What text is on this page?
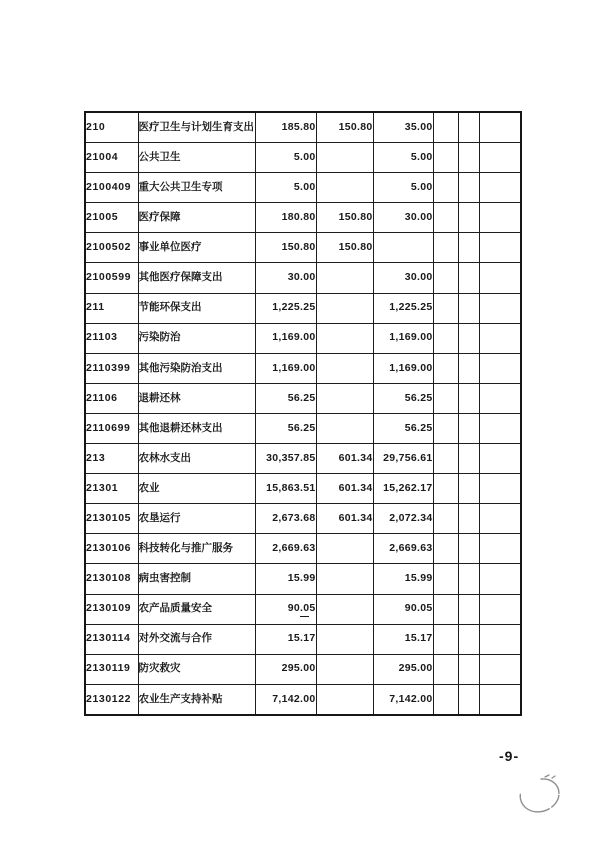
210	医疗卫生与计划生育支出	185.80	150.80	35.00			
21004	公共卫生	5.00		5.00			
2100409	重大公共卫生专项	5.00		5.00			
21005	医疗保障	180.80	150.80	30.00			
2100502	事业单位医疗	150.80	150.80				
2100599	其他医疗保障支出	30.00		30.00			
211	节能环保支出	1,225.25		1,225.25			
21103	污染防治	1,169.00		1,169.00			
2110399	其他污染防治支出	1,169.00		1,169.00			
21106	退耕还林	56.25		56.25			
2110699	其他退耕还林支出	56.25		56.25			
213	农林水支出	30,357.85	601.34	29,756.61			
21301	农业	15,863.51	601.34	15,262.17			
2130105	农垦运行	2,673.68	601.34	2,072.34			
2130106	科技转化与推广服务	2,669.63		2,669.63			
2130108	病虫害控制	15.99		15.99			
2130109	农产品质量安全	90.05		90.05			
2130114	对外交流与合作	15.17		15.17			
2130119	防灾救灾	295.00		295.00			
2130122	农业生产支持补贴	7,142.00		7,142.00			
-9-
